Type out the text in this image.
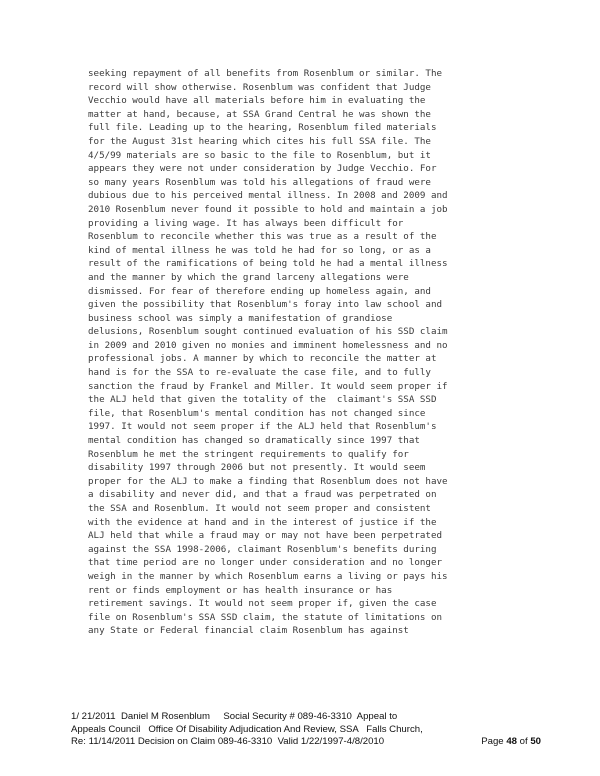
seeking repayment of all benefits from Rosenblum or similar. The
record will show otherwise. Rosenblum was confident that Judge
Vecchio would have all materials before him in evaluating the
matter at hand, because, at SSA Grand Central he was shown the
full file. Leading up to the hearing, Rosenblum filed materials
for the August 31st hearing which cites his full SSA file. The
4/5/99 materials are so basic to the file to Rosenblum, but it
appears they were not under consideration by Judge Vecchio. For
so many years Rosenblum was told his allegations of fraud were
dubious due to his perceived mental illness. In 2008 and 2009 and
2010 Rosenblum never found it possible to hold and maintain a job
providing a living wage. It has always been difficult for
Rosenblum to reconcile whether this was true as a result of the
kind of mental illness he was told he had for so long, or as a
result of the ramifications of being told he had a mental illness
and the manner by which the grand larceny allegations were
dismissed. For fear of therefore ending up homeless again, and
given the possibility that Rosenblum's foray into law school and
business school was simply a manifestation of grandiose
delusions, Rosenblum sought continued evaluation of his SSD claim
in 2009 and 2010 given no monies and imminent homelessness and no
professional jobs. A manner by which to reconcile the matter at
hand is for the SSA to re-evaluate the case file, and to fully
sanction the fraud by Frankel and Miller. It would seem proper if
the ALJ held that given the totality of the  claimant's SSA SSD
file, that Rosenblum's mental condition has not changed since
1997. It would not seem proper if the ALJ held that Rosenblum's
mental condition has changed so dramatically since 1997 that
Rosenblum he met the stringent requirements to qualify for
disability 1997 through 2006 but not presently. It would seem
proper for the ALJ to make a finding that Rosenblum does not have
a disability and never did, and that a fraud was perpetrated on
the SSA and Rosenblum. It would not seem proper and consistent
with the evidence at hand and in the interest of justice if the
ALJ held that while a fraud may or may not have been perpetrated
against the SSA 1998-2006, claimant Rosenblum's benefits during
that time period are no longer under consideration and no longer
weigh in the manner by which Rosenblum earns a living or pays his
rent or finds employment or has health insurance or has
retirement savings. It would not seem proper if, given the case
file on Rosenblum's SSA SSD claim, the statute of limitations on
any State or Federal financial claim Rosenblum has against
1/ 21/2011  Daniel M Rosenblum     Social Security # 089-46-3310  Appeal to
Appeals Council   Office Of Disability Adjudication And Review, SSA   Falls Church,
Re: 11/14/2011 Decision on Claim 089-46-3310  Valid 1/22/1997-4/8/2010	Page 48 of 50
